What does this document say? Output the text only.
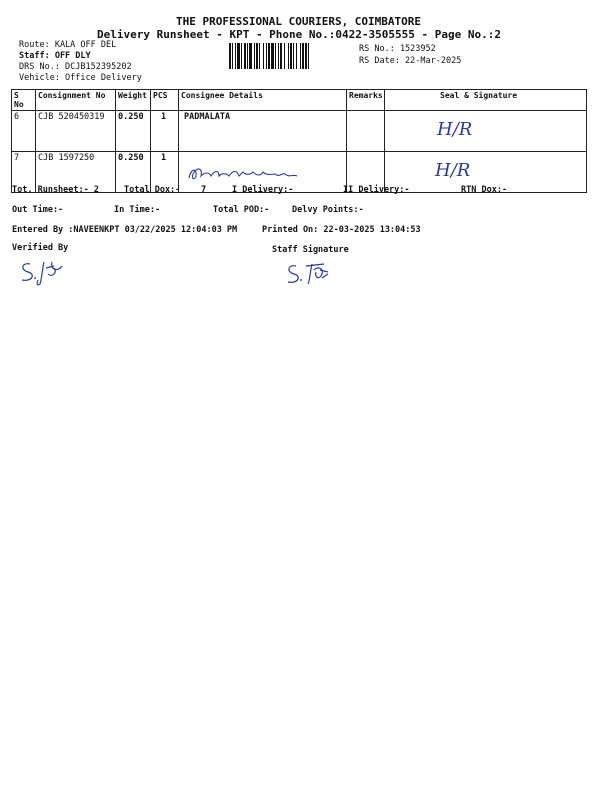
THE PROFESSIONAL COURIERS, COIMBATORE
Delivery Runsheet - KPT - Phone No.:0422-3505555 - Page No.:2
Route: KALA OFF DEL
Staff: OFF DLY
DRS No.: DCJB152395202
Vehicle: Office Delivery
RS No.: 1523952
RS Date: 22-Mar-2025
S No	Consignment No	Weight	PCS	Consignee Details	Remarks	Seal & Signature
6	CJB 520450319	0.250	1	PADMALATA		H/R

7	CJB 1597250	0.250	1			H/R
Tot. Runsheet:- 2	Total Dox:- 7	I Delivery:-	II Delivery:-	RTN Dox:-
Out Time:-	In Time:-	Total POD:-	Delvy Points:-
Entered By :NAVEENKPT 03/22/2025 12:04:03 PM	Printed On: 22-03-2025 13:04:53
Verified By	Staff Signature
